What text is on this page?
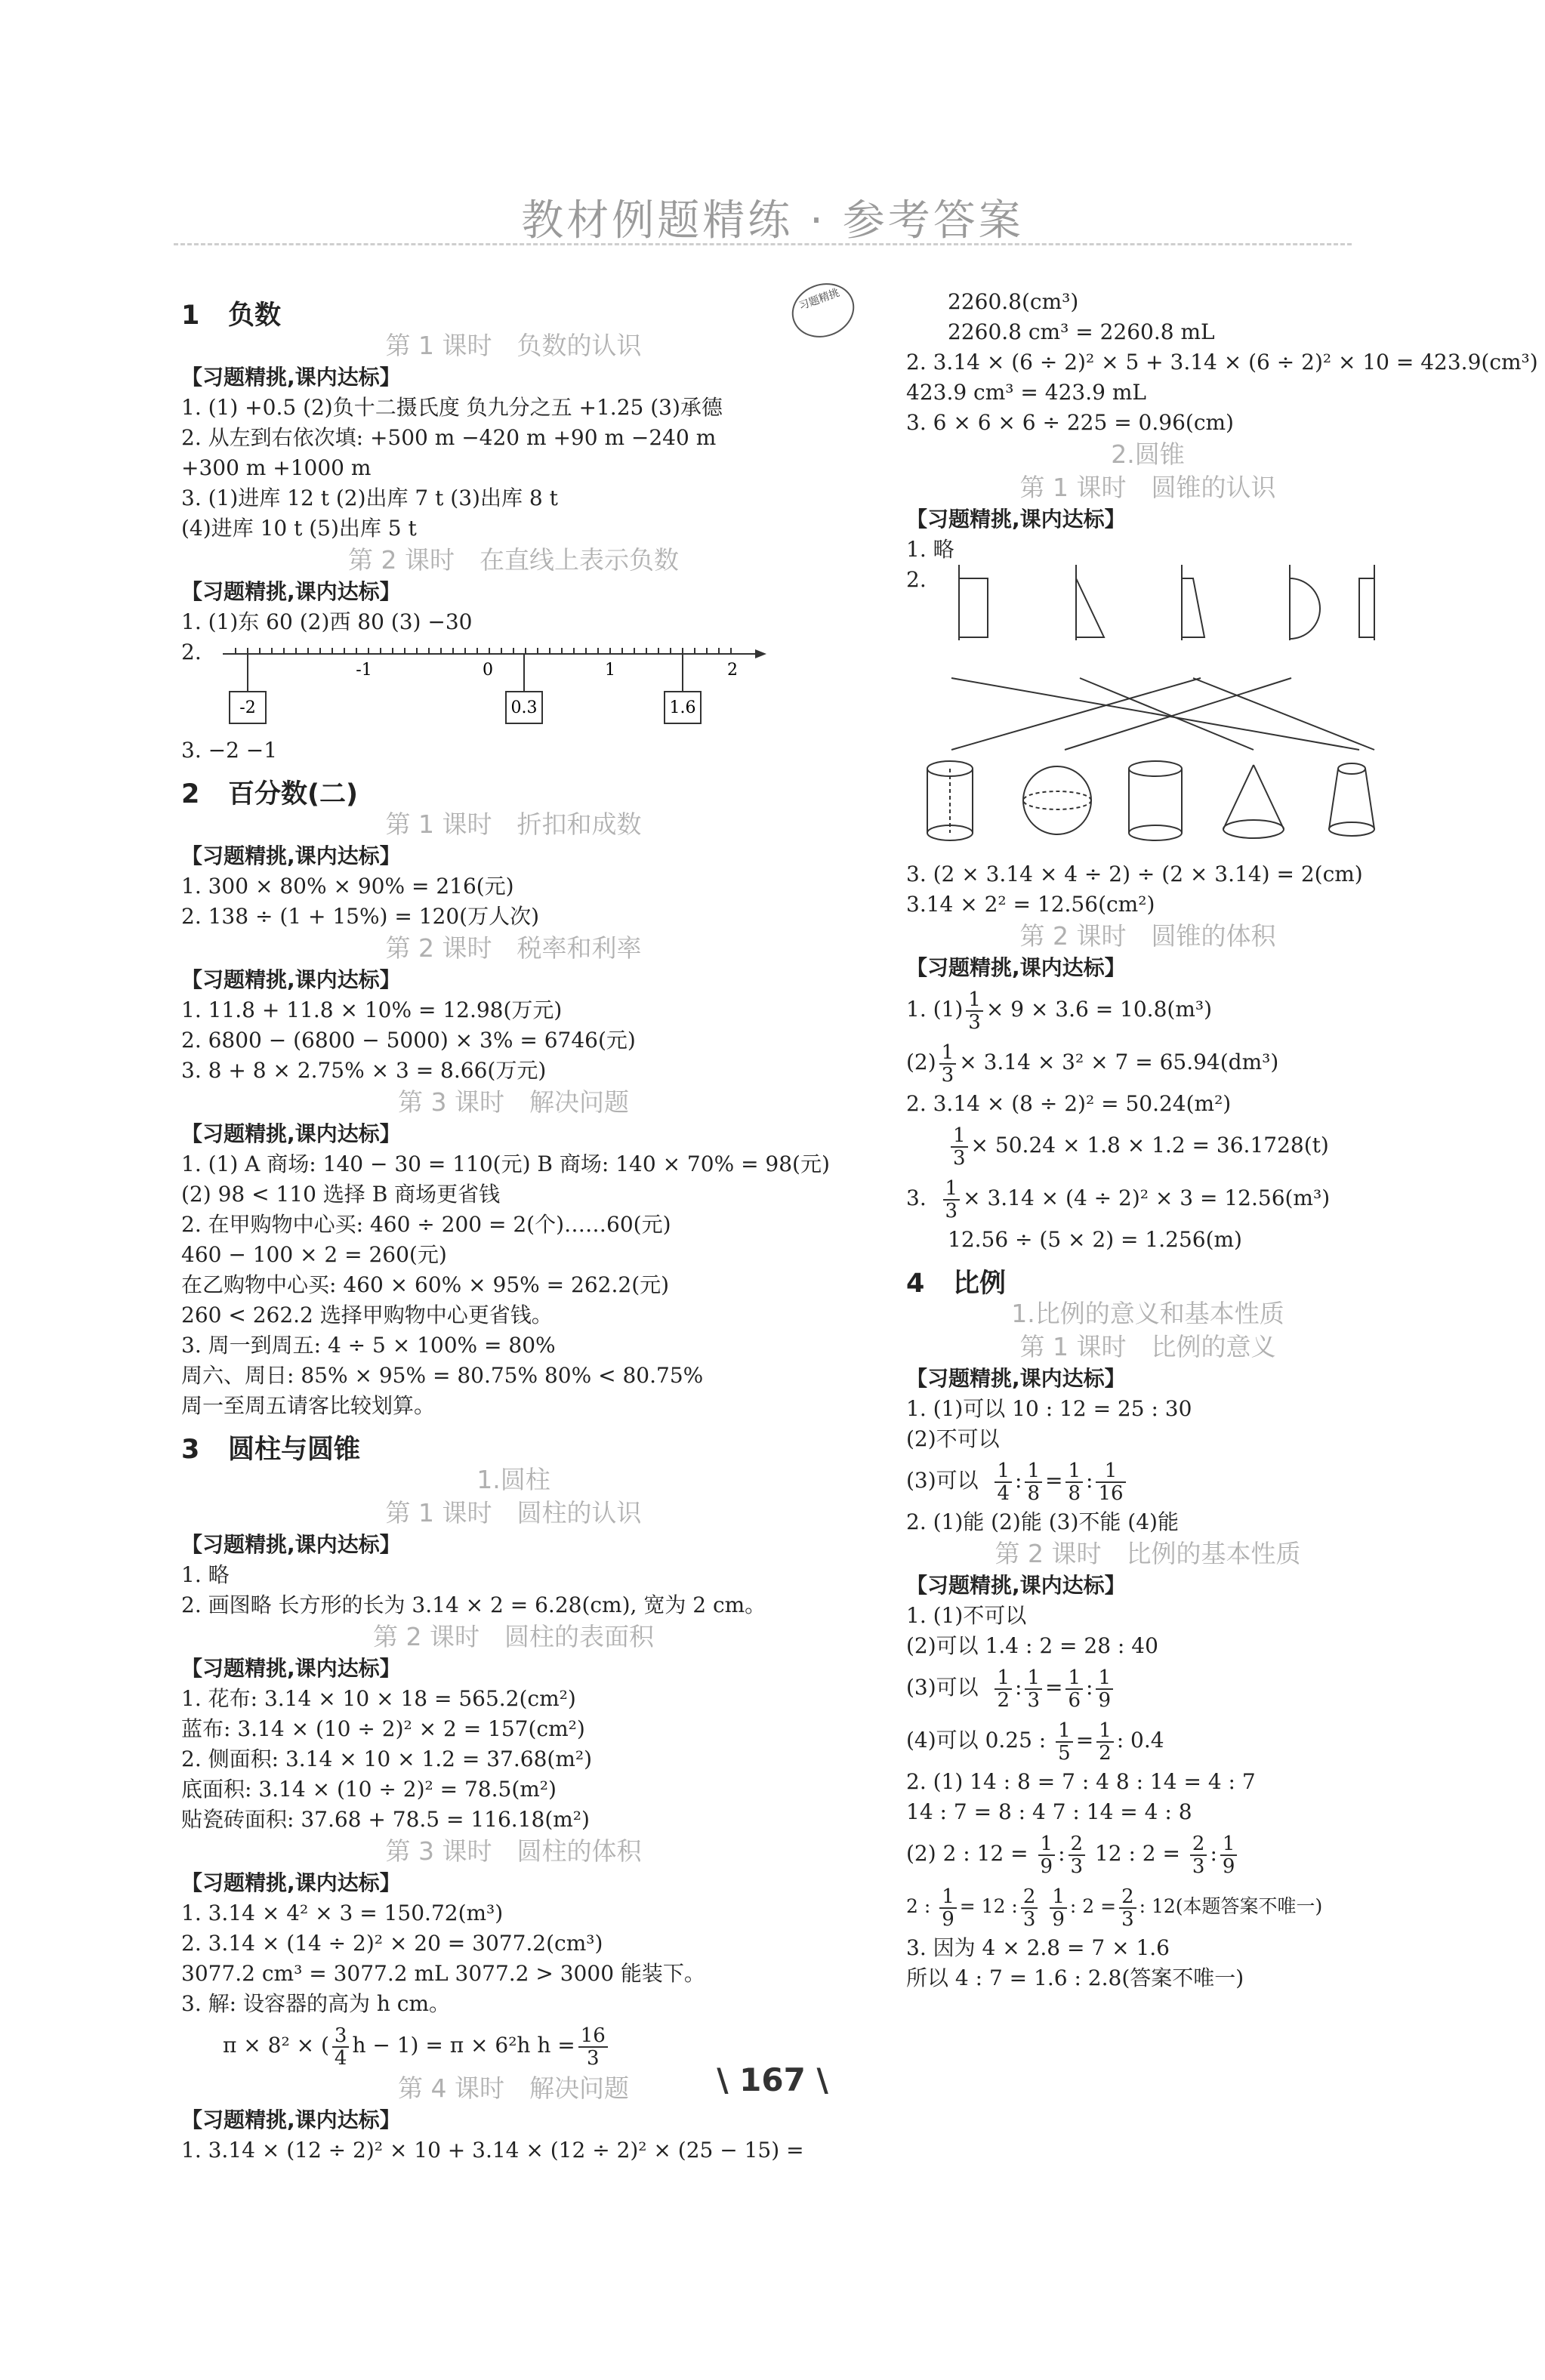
教材例题精练 · 参考答案
习题精挑
1 负数
第 1 课时　负数的认识
【习题精挑,课内达标】
1. (1) +0.5 (2)负十二摄氏度 负九分之五 +1.25 (3)承德
2. 从左到右依次填: +500 m −420 m +90 m −240 m
+300 m +1000 m
3. (1)进库 12 t (2)出库 7 t (3)出库 8 t
(4)进库 10 t (5)出库 5 t
第 2 课时　在直线上表示负数
【习题精挑,课内达标】
1. (1)东 60 (2)西 80 (3) −30
2.
-1	0	1	2
-2	0.3	1.6
3. −2 −1
2 百分数(二)
第 1 课时　折扣和成数
【习题精挑,课内达标】
1. 300 × 80% × 90% = 216(元)
2. 138 ÷ (1 + 15%) = 120(万人次)
第 2 课时　税率和利率
【习题精挑,课内达标】
1. 11.8 + 11.8 × 10% = 12.98(万元)
2. 6800 − (6800 − 5000) × 3% = 6746(元)
3. 8 + 8 × 2.75% × 3 = 8.66(万元)
第 3 课时　解决问题
【习题精挑,课内达标】
1. (1) A 商场: 140 − 30 = 110(元) B 商场: 140 × 70% = 98(元)
(2) 98 < 110 选择 B 商场更省钱
2. 在甲购物中心买: 460 ÷ 200 = 2(个)……60(元)
460 − 100 × 2 = 260(元)
在乙购物中心买: 460 × 60% × 95% = 262.2(元)
260 < 262.2 选择甲购物中心更省钱。
3. 周一到周五: 4 ÷ 5 × 100% = 80%
周六、周日: 85% × 95% = 80.75% 80% < 80.75%
周一至周五请客比较划算。
3 圆柱与圆锥
1.圆柱
第 1 课时　圆柱的认识
【习题精挑,课内达标】
1. 略
2. 画图略 长方形的长为 3.14 × 2 = 6.28(cm), 宽为 2 cm。
第 2 课时　圆柱的表面积
【习题精挑,课内达标】
1. 花布: 3.14 × 10 × 18 = 565.2(cm²)
蓝布: 3.14 × (10 ÷ 2)² × 2 = 157(cm²)
2. 侧面积: 3.14 × 10 × 1.2 = 37.68(m²)
底面积: 3.14 × (10 ÷ 2)² = 78.5(m²)
贴瓷砖面积: 37.68 + 78.5 = 116.18(m²)
第 3 课时　圆柱的体积
【习题精挑,课内达标】
1. 3.14 × 4² × 3 = 150.72(m³)
2. 3.14 × (14 ÷ 2)² × 20 = 3077.2(cm³)
3077.2 cm³ = 3077.2 mL 3077.2 > 3000 能装下。
3. 解: 设容器的高为 h cm。
π × 8² × ( $\frac{3}{4}$ h − 1) = π × 6²h $h = \frac{16}{3}$
第 4 课时　解决问题
【习题精挑,课内达标】
1. 3.14 × (12 ÷ 2)² × 10 + 3.14 × (12 ÷ 2)² × (25 − 15) =
2260.8(cm³)
2260.8 cm³ = 2260.8 mL
2. 3.14 × (6 ÷ 2)² × 5 + 3.14 × (6 ÷ 2)² × 10 = 423.9(cm³)
423.9 cm³ = 423.9 mL
3. 6 × 6 × 6 ÷ 225 = 0.96(cm)
2.圆锥
第 1 课时　圆锥的认识
【习题精挑,课内达标】
1. 略
2.
3. (2 × 3.14 × 4 ÷ 2) ÷ (2 × 3.14) = 2(cm)
3.14 × 2² = 12.56(cm²)
第 2 课时　圆锥的体积
【习题精挑,课内达标】
1. $(1) \frac{1}{3} \times 9 \times 3.6 = 10.8(m^3)$
$(2) \frac{1}{3} \times 3.14 \times 3^2 \times 7 = 65.94(dm^3)$
2. 3.14 × (8 ÷ 2)² = 50.24(m²)
$\frac{1}{3} \times 50.24 \times 1.8 \times 1.2 = 36.1728(t)$
3. $\frac{1}{3} \times 3.14 \times (4 \div 2)^2 \times 3 = 12.56(m^3)$
12.56 ÷ (5 × 2) = 1.256(m)
4 比例
1.比例的意义和基本性质
第 1 课时　比例的意义
【习题精挑,课内达标】
1. (1)可以 10 : 12 = 25 : 30
(2)不可以
(3)可以 $\frac{1}{4}$ : $\frac{1}{8} = \frac{1}{8}$ : $\frac{1}{16}$
2. (1)能 (2)能 (3)不能 (4)能
第 2 课时　比例的基本性质
【习题精挑,课内达标】
1. (1)不可以
(2)可以 1.4 : 2 = 28 : 40
(3)可以 $\frac{1}{2}$ : $\frac{1}{3} = \frac{1}{6}$ : $\frac{1}{9}$
(4)可以 0.25 : $\frac{1}{5} = \frac{1}{2}$ : 0.4
2. (1) 14 : 8 = 7 : 4 8 : 14 = 4 : 7
14 : 7 = 8 : 4 7 : 14 = 4 : 8
(2) 2 : $12 = \frac{1}{9}$ : $\frac{2}{3} 12$ : $2 = \frac{2}{3}$ : $\frac{1}{9}$
2 : $\frac{1}{9} = 12$ : $\frac{2}{3}$
$\frac{1}{9}$ : $2 = \frac{2}{3}$ : 12(本题答案不唯一)
3. 因为 4 × 2.8 = 7 × 1.6
所以 4 : 7 = 1.6 : 2.8(答案不唯一)
\ 167 \
